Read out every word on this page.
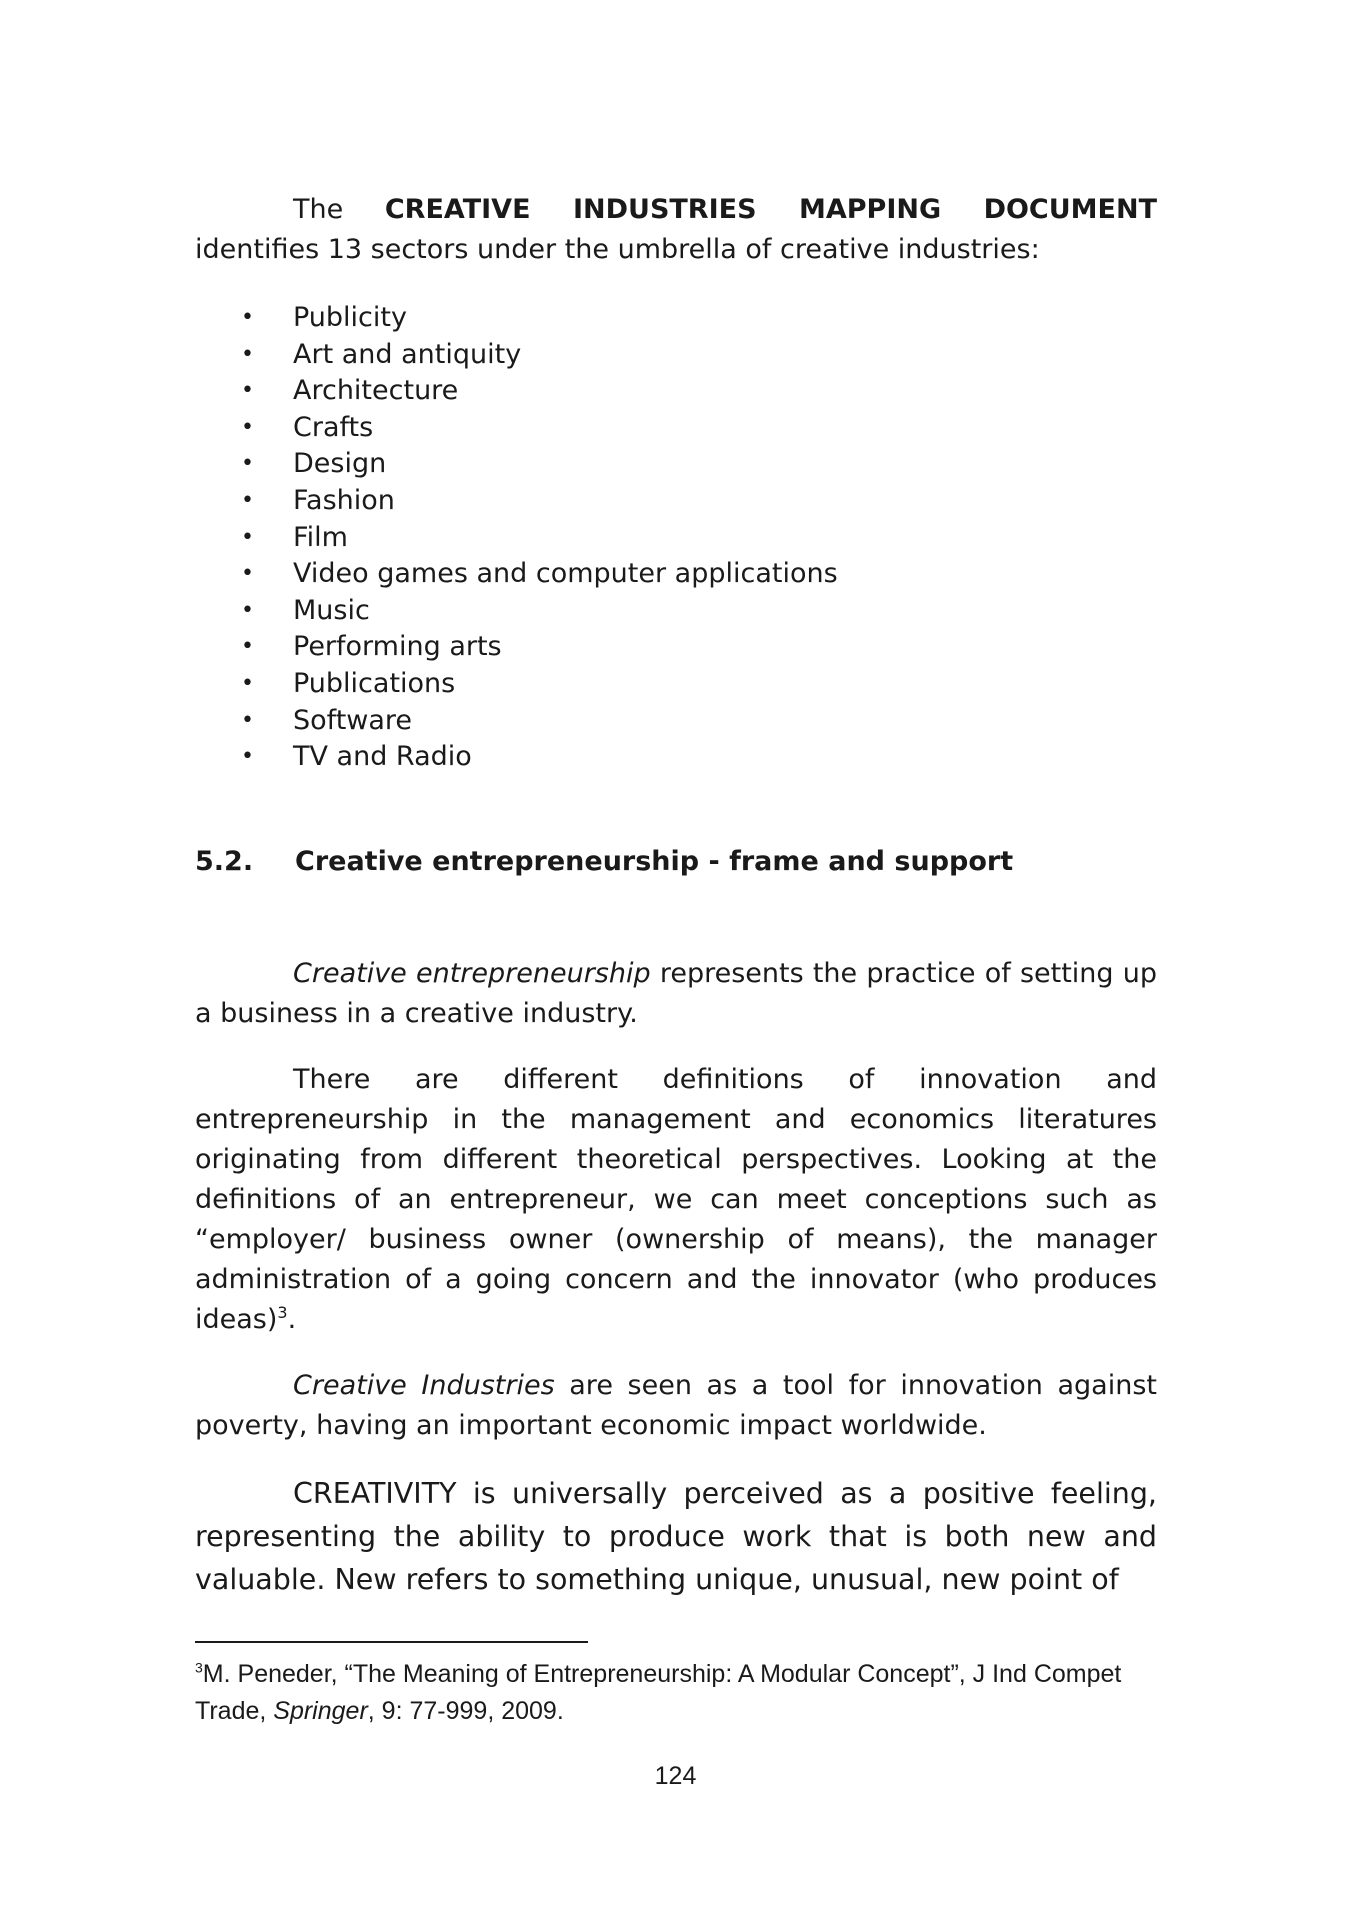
The CREATIVE INDUSTRIES MAPPING DOCUMENT identifies 13 sectors under the umbrella of creative industries:

• Publicity
• Art and antiquity
• Architecture
• Crafts
• Design
• Fashion
• Film
• Video games and computer applications
• Music
• Performing arts
• Publications
• Software
• TV and Radio
5.2.	Creative entrepreneurship - frame and support

Creative entrepreneurship represents the practice of setting up a business in a creative industry.

There are different definitions of innovation and entrepreneurship in the management and economics literatures originating from different theoretical perspectives. Looking at the definitions of an entrepreneur, we can meet conceptions such as “employer/ business owner (ownership of means), the manager administration of a going concern and the innovator (who produces ideas)$^3$.

Creative Industries are seen as a tool for innovation against poverty, having an important economic impact worldwide.

CREATIVITY is universally perceived as a positive feeling, representing the ability to produce work that is both new and valuable. New refers to something unique, unusual, new point of

$^3$M. Peneder, “The Meaning of Entrepreneurship: A Modular Concept”, J Ind Compet Trade, Springer, 9: 77-999, 2009.

124
